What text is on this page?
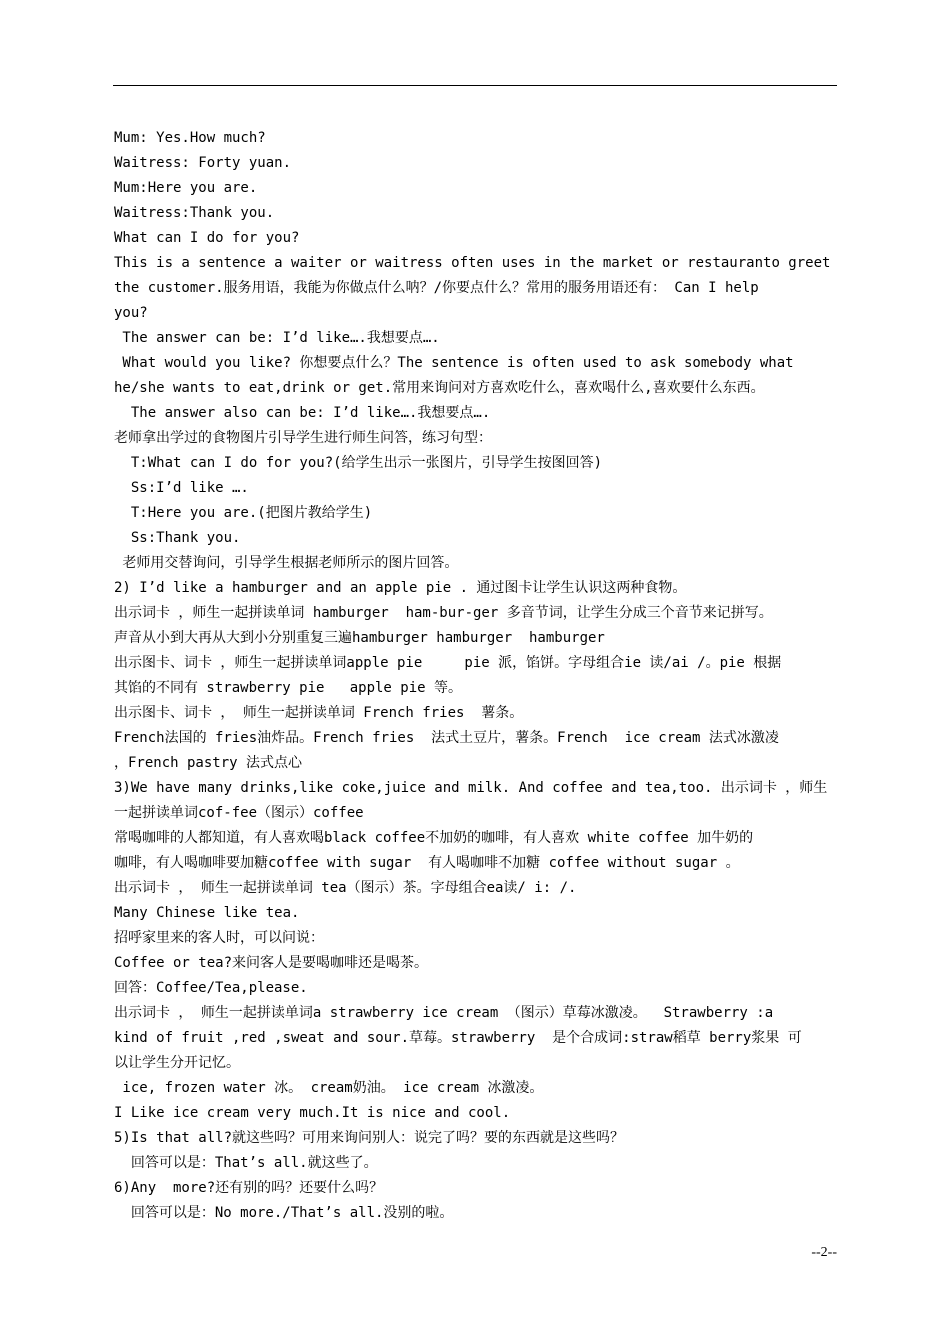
Mum: Yes.How much?
Waitress: Forty yuan.
Mum:Here you are.
Waitress:Thank you.
What can I do for you?
This is a sentence a waiter or waitress often uses in the market or restauranto greet
the customer.服务用语，我能为你做点什么呐？/你要点什么？常用的服务用语还有： Can I help
you?
The answer can be: I’d like….我想要点….
What would you like? 你想要点什么？The sentence is often used to ask somebody what
he/she wants to eat,drink or get.常用来询问对方喜欢吃什么，喜欢喝什么,喜欢要什么东西。
The answer also can be: I’d like….我想要点….
老师拿出学过的食物图片引导学生进行师生问答，练习句型：
T:What can I do for you?(给学生出示一张图片，引导学生按图回答)
Ss:I’d like ….
T:Here you are.(把图片教给学生)
Ss:Thank you.
老师用交替询问，引导学生根据老师所示的图片回答。
2) I’d like a hamburger and an apple pie . 通过图卡让学生认识这两种食物。
出示词卡 ，师生一起拼读单词 hamburger  ham-bur-ger 多音节词，让学生分成三个音节来记拼写。
声音从小到大再从大到小分别重复三遍hamburger hamburger  hamburger
出示图卡、词卡 ，师生一起拼读单词apple pie     pie 派，馅饼。字母组合ie 读/ai /。pie 根据
其馅的不同有 strawberry pie   apple pie 等。
出示图卡、词卡 ， 师生一起拼读单词 French fries  薯条。
French法国的 fries油炸品。French fries  法式土豆片，薯条。French  ice cream 法式冰激凌
，French pastry 法式点心
3)We have many drinks,like coke,juice and milk. And coffee and tea,too. 出示词卡 ，师生
一起拼读单词cof-fee（图示）coffee
常喝咖啡的人都知道，有人喜欢喝black coffee不加奶的咖啡，有人喜欢 white coffee 加牛奶的
咖啡，有人喝咖啡要加糖coffee with sugar  有人喝咖啡不加糖 coffee without sugar 。
出示词卡 ， 师生一起拼读单词 tea（图示）茶。字母组合ea读/ i: /.
Many Chinese like tea.
招呼家里来的客人时，可以问说：
Coffee or tea?来问客人是要喝咖啡还是喝茶。
回答：Coffee/Tea,please.
出示词卡 ， 师生一起拼读单词a strawberry ice cream （图示）草莓冰激凌。  Strawberry :a
kind of fruit ,red ,sweat and sour.草莓。strawberry  是个合成词:straw稻草 berry浆果 可
以让学生分开记忆。
ice, frozen water 冰。 cream奶油。 ice cream 冰激凌。
I Like ice cream very much.It is nice and cool.
5)Is that all?就这些吗？可用来询问别人：说完了吗？要的东西就是这些吗？
回答可以是：That’s all.就这些了。
6)Any  more?还有别的吗？还要什么吗？
回答可以是：No more./That’s all.没别的啦。
--2--
